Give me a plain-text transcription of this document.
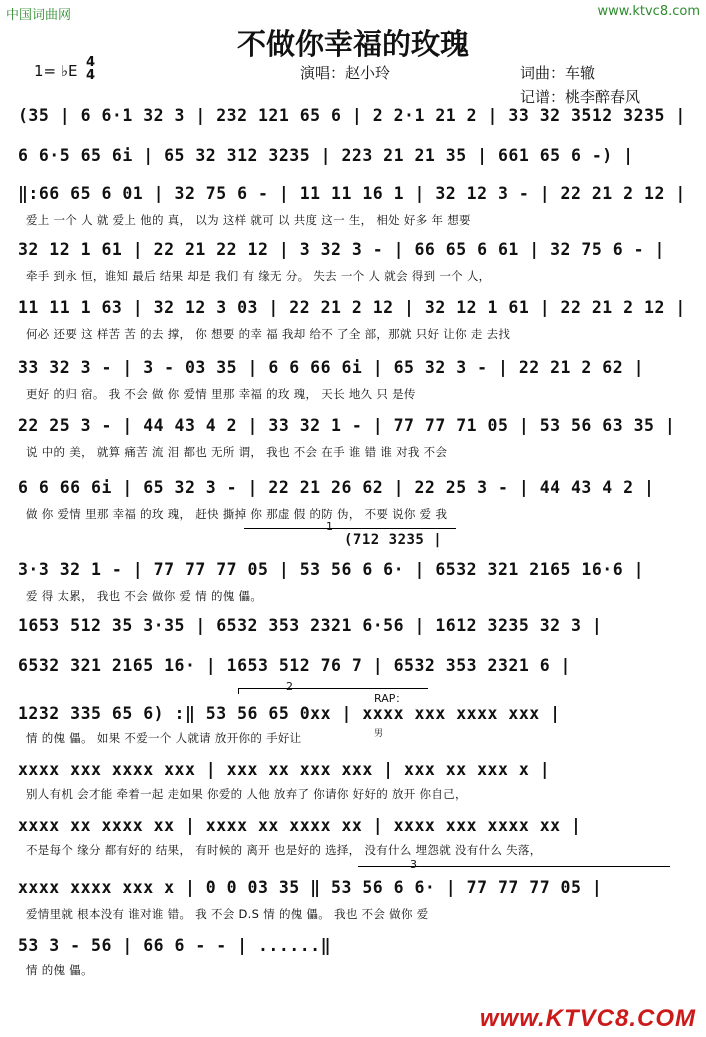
中国词曲网	www.ktvc8.com
不做你幸福的玫瑰
1= ♭E 4
4	演唱：赵小玲	词曲：车辙
记谱：桃李醉春风
(35 | 6 6·1 32 3 | 232 121 65 6 | 2 2·1 21 2 | 33 32 3512 3235 |
6 6·5 65 6i | 65 32 312 3235 | 223 21 21 35 | 661 65 6 -) |
‖:66 65 6 01 | 32 75 6 - | 11 11 16 1 | 32 12 3 - | 22 21 2 12 |
爱上 一个 人 就 爱上 他的 真， 以为 这样 就可 以 共度 这一 生， 相处 好多 年 想要
32 12 1 61 | 22 21 22 12 | 3 32 3 - | 66 65 6 61 | 32 75 6 - |
牵手 到永 恒，谁知 最后 结果 却是 我们 有 缘无 分。 失去 一个 人 就会 得到 一个 人，
11 11 1 63 | 32 12 3 03 | 22 21 2 12 | 32 12 1 61 | 22 21 2 12 |
何必 还要 这 样苦 苦 的去 撑， 你 想要 的幸 福 我却 给不 了全 部，那就 只好 让你 走 去找
33 32 3 - | 3 - 03 35 | 6 6 66 6i | 65 32 3 - | 22 21 2 62 |
更好 的归 宿。 我 不会 做 你 爱情 里那 幸福 的玫 瑰， 天长 地久 只 是传
22 25 3 - | 44 43 4 2 | 33 32 1 - | 77 77 71 05 | 53 56 63 35 |
说 中的 美， 就算 痛苦 流 泪 都也 无所 谓， 我也 不会 在手 谁 错 谁 对我 不会
6 6 66 6i | 65 32 3 - | 22 21 26 62 | 22 25 3 - | 44 43 4 2 |
做 你 爱情 里那 幸福 的玫 瑰， 赶快 撕掉 你 那虚 假 的防 伪， 不要 说你 爱 我
1
(712 3235 |
3·3 32 1 - | 77 77 77 05 | 53 56 6 6· | 6532 321 2165 16·6 |
爱 得 太累， 我也 不会 做你 爱 情 的傀 儡。
1653 512 35 3·35 | 6532 353 2321 6·56 | 1612 3235 32 3 |
6532 321 2165 16· | 1653 512 76 7 | 6532 353 2321 6 |
2
RAP：
男
1232 335 65 6) :‖ 53 56 65 0xx | xxxx xxx xxxx xxx |
情 的傀 儡。 如果 不爱一个 人就请 放开你的 手好让
xxxx xxx xxxx xxx | xxx xx xxx xxx | xxx xx xxx x |
别人有机 会才能 牵着一起 走如果 你爱的 人他 放弃了 你请你 好好的 放开 你自己，
xxxx xx xxxx xx | xxxx xx xxxx xx | xxxx xxx xxxx xx |
不是每个 缘分 都有好的 结果， 有时候的 离开 也是好的 选择， 没有什么 埋怨就 没有什么 失落，
3
xxxx xxxx xxx x | 0 0 03 35 ‖ 53 56 6 6· | 77 77 77 05 |
爱情里就 根本没有 谁对谁 错。 我 不会 D.S 情 的傀 儡。 我也 不会 做你 爱
53 3 - 56 | 66 6 - - | ......‖
情 的傀 儡。
www.KTVC8.COM
